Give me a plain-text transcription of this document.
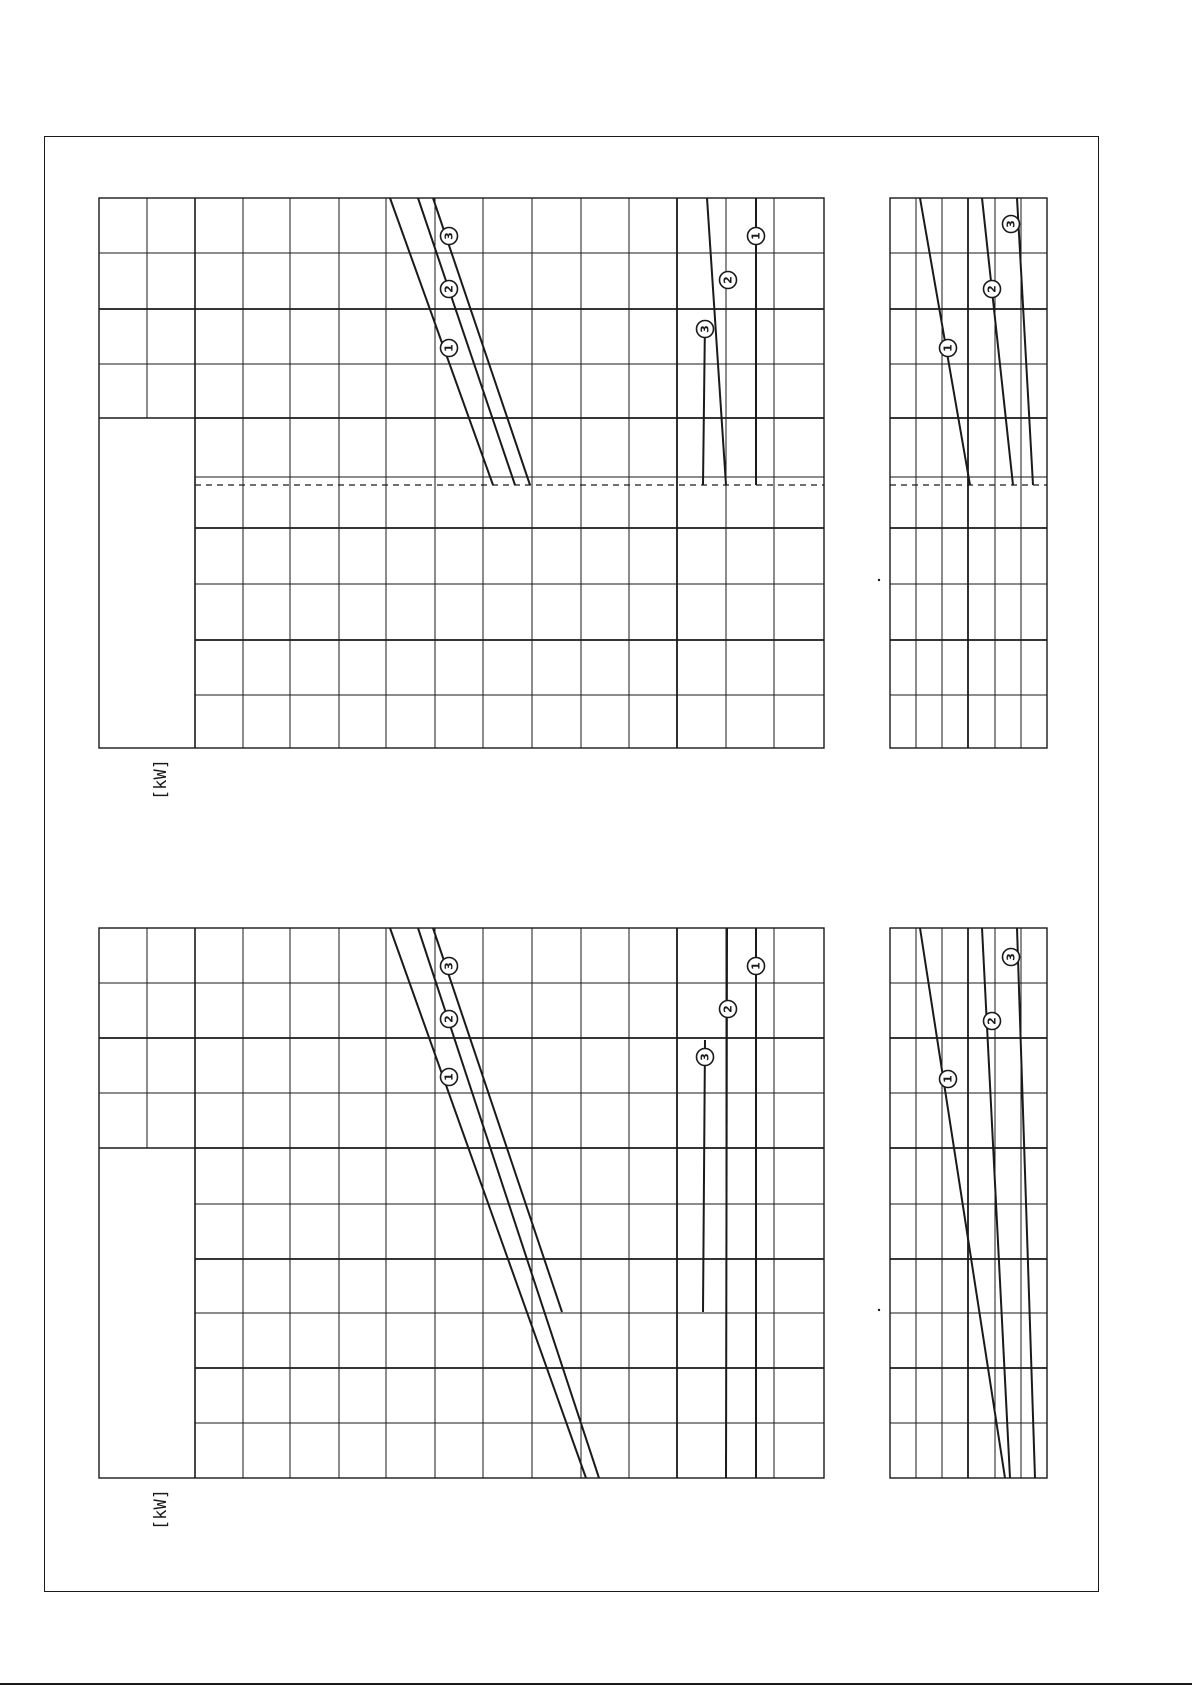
1
2
3	1
2
3
1
2
3
1
2
3	1
2
3
1
2
3
[kW]
[kW]
